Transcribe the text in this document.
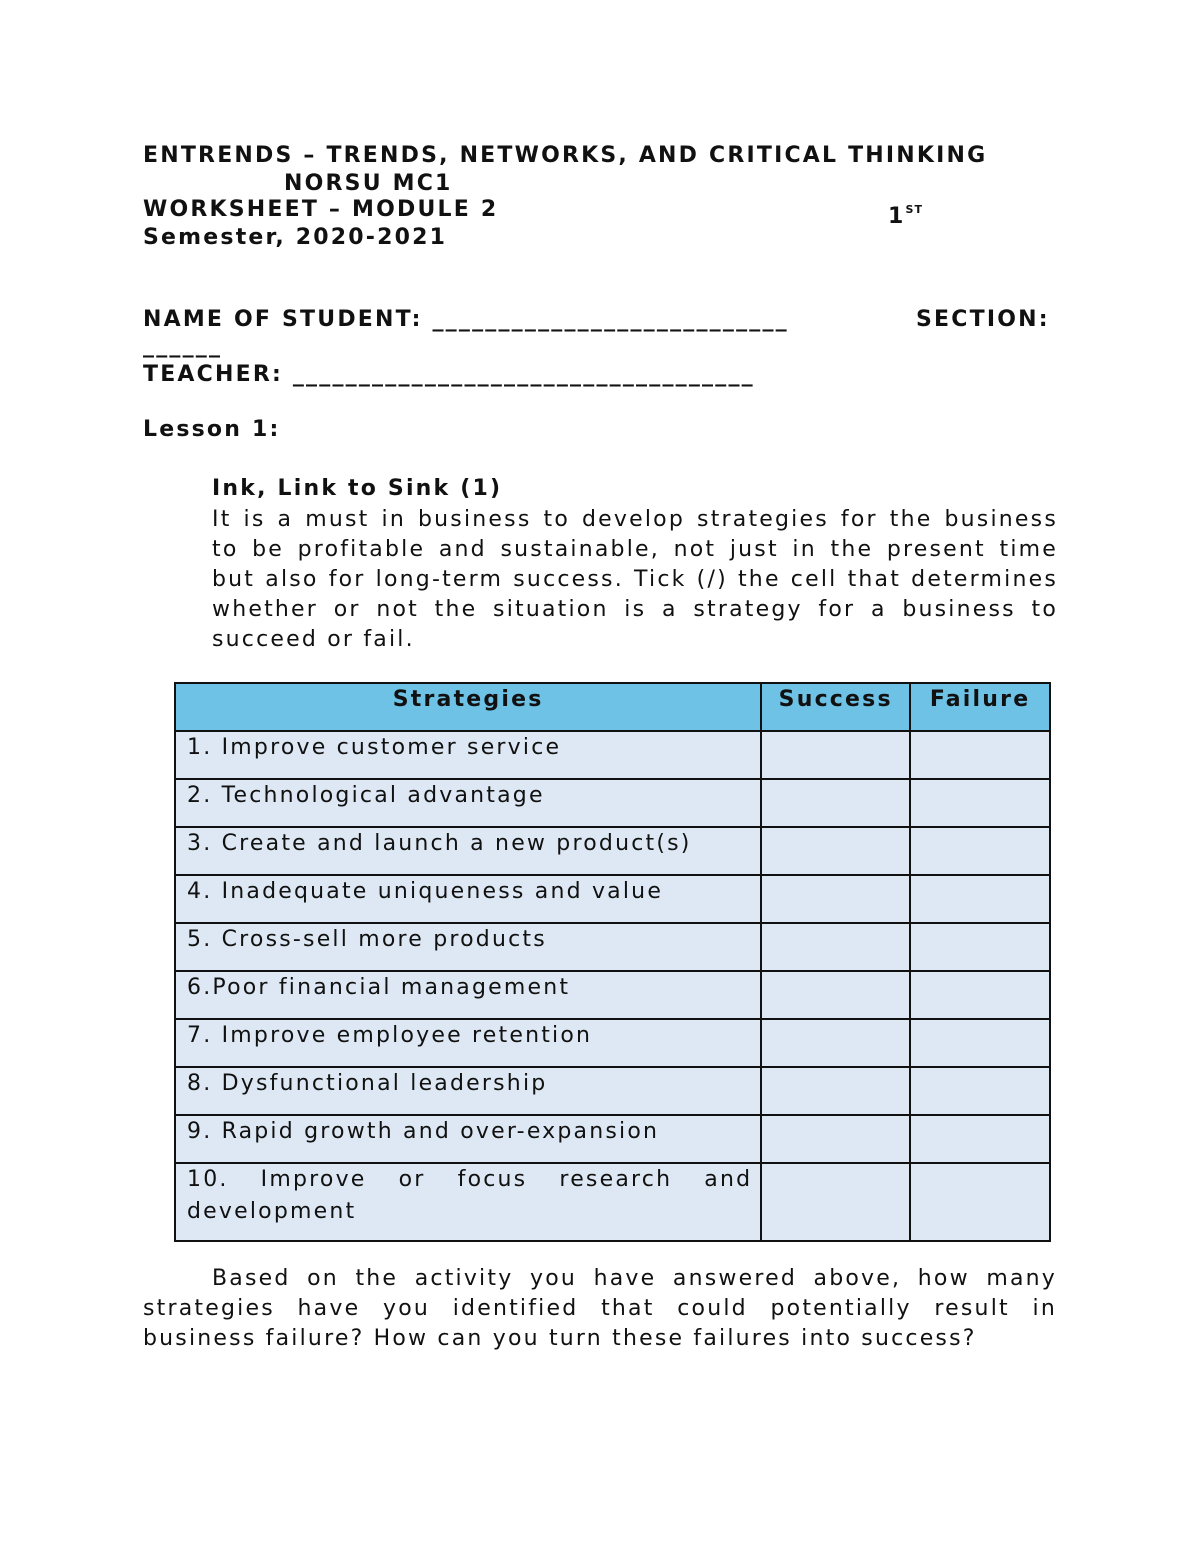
ENTRENDS – TRENDS, NETWORKS, AND CRITICAL THINKING
NORSU MC1
WORKSHEET – MODULE 2	1ST
Semester, 2020-2021
NAME OF STUDENT: ___________________________	SECTION:
______
TEACHER: ___________________________________
Lesson 1:
Ink, Link to Sink (1)
It is a must in business to develop strategies for the business to be profitable and sustainable, not just in the present time but also for long-term success. Tick (/) the cell that determines whether or not the situation is a strategy for a business to succeed or fail.
Strategies	Success	Failure
1. Improve customer service		
2. Technological advantage		
3. Create and launch a new product(s)		
4. Inadequate uniqueness and value		
5. Cross-sell more products		
6.Poor financial management		
7. Improve employee retention		
8. Dysfunctional leadership		
9. Rapid growth and over-expansion		
10. Improve or focus research and development		
Based on the activity you have answered above, how many strategies have you identified that could potentially result in business failure? How can you turn these failures into success?
